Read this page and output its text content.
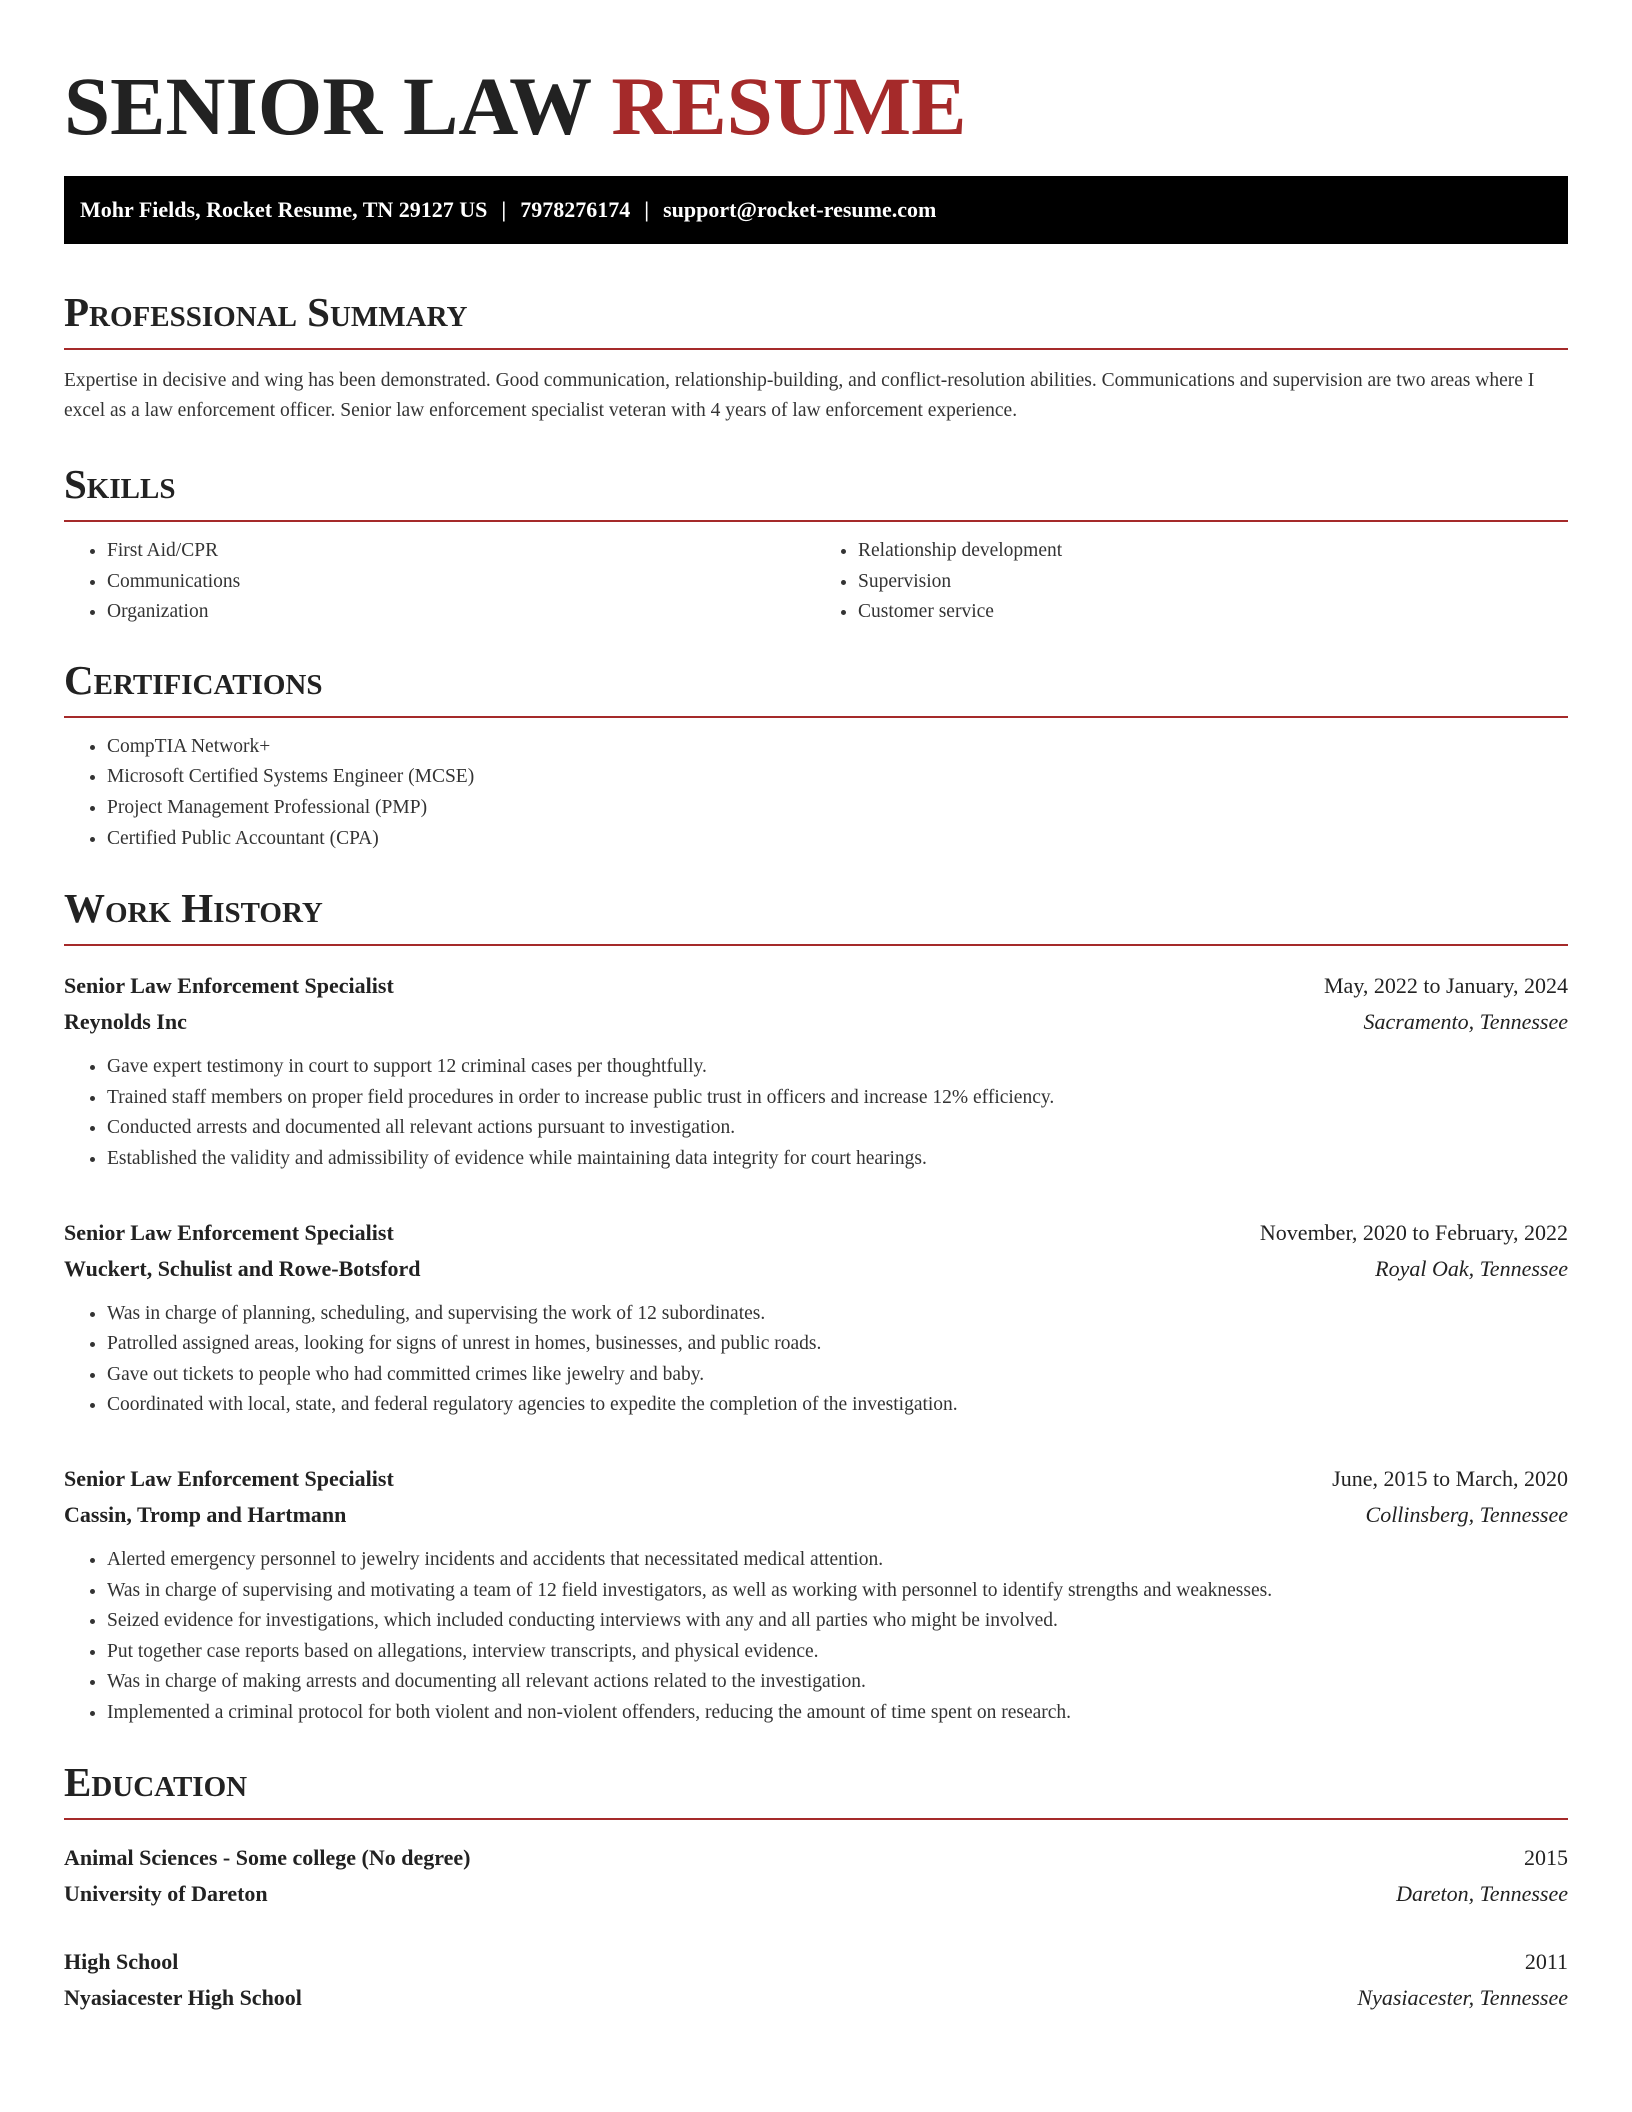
SENIOR LAW RESUME
Mohr Fields, Rocket Resume, TN 29127 US | 7978276174 | support@rocket-resume.com
Professional Summary

Expertise in decisive and wing has been demonstrated. Good communication, relationship-building, and conflict-resolution abilities. Communications and supervision are two areas where I excel as a law enforcement officer. Senior law enforcement specialist veteran with 4 years of law enforcement experience.

Skills
• First Aid/CPR
• Communications
• Organization
• Relationship development
• Supervision
• Customer service
Certifications
• CompTIA Network+
• Microsoft Certified Systems Engineer (MCSE)
• Project Management Professional (PMP)
• Certified Public Accountant (CPA)
Work History
Senior Law Enforcement Specialist	May, 2022 to January, 2024
Reynolds Inc	Sacramento, Tennessee
• Gave expert testimony in court to support 12 criminal cases per thoughtfully.
• Trained staff members on proper field procedures in order to increase public trust in officers and increase 12% efficiency.
• Conducted arrests and documented all relevant actions pursuant to investigation.
• Established the validity and admissibility of evidence while maintaining data integrity for court hearings.
Senior Law Enforcement Specialist	November, 2020 to February, 2022
Wuckert, Schulist and Rowe-Botsford	Royal Oak, Tennessee
• Was in charge of planning, scheduling, and supervising the work of 12 subordinates.
• Patrolled assigned areas, looking for signs of unrest in homes, businesses, and public roads.
• Gave out tickets to people who had committed crimes like jewelry and baby.
• Coordinated with local, state, and federal regulatory agencies to expedite the completion of the investigation.
Senior Law Enforcement Specialist	June, 2015 to March, 2020
Cassin, Tromp and Hartmann	Collinsberg, Tennessee
• Alerted emergency personnel to jewelry incidents and accidents that necessitated medical attention.
• Was in charge of supervising and motivating a team of 12 field investigators, as well as working with personnel to identify strengths and weaknesses.
• Seized evidence for investigations, which included conducting interviews with any and all parties who might be involved.
• Put together case reports based on allegations, interview transcripts, and physical evidence.
• Was in charge of making arrests and documenting all relevant actions related to the investigation.
• Implemented a criminal protocol for both violent and non-violent offenders, reducing the amount of time spent on research.
Education
Animal Sciences - Some college (No degree)	2015
University of Dareton	Dareton, Tennessee
High School	2011
Nyasiacester High School	Nyasiacester, Tennessee
